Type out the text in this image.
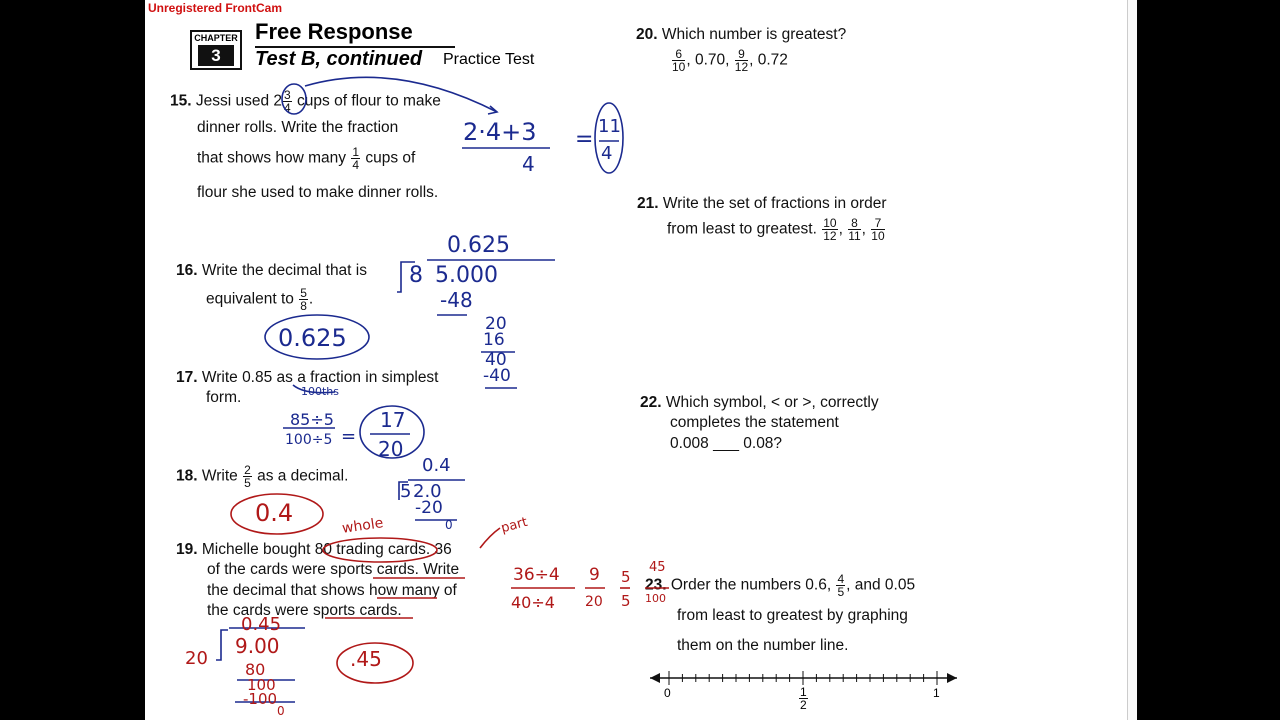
CHAPTER
3
Free Response
Test B, continued Practice Test
15. Jessi used $2 \frac{3}{4}$ cups of flour to make
dinner rolls. Write the fraction
that shows how many $\frac{1}{4}$ cups of
flour she used to make dinner rolls.
16. Write the decimal that is
equivalent to $\frac{5}{8}$ .
17. Write 0.85 as a fraction in simplest
form.
18. Write $\frac{2}{5}$ as a decimal.
19. Michelle bought 80 trading cards. 36
of the cards were sports cards. Write
the decimal that shows how many of
the cards were sports cards.
20. Which number is greatest?
$\frac{6}{10}$ , 0.70, $\frac{9}{12}$ , 0.72
21. Write the set of fractions in order
from least to greatest. $\frac{10}{12}$ , $\frac{8}{11}$ , $\frac{7}{10}$
22. Which symbol, < or >, correctly
completes the statement
0.008 ___ 0.08?
23. Order the numbers 0.6, $\frac{4}{5}$ , and 0.05
from least to greatest by graphing
them on the number line.
0	1
$\frac{1}{2}$
2·4+3
4
=
11
4
0.625
8 5.000
-48
20
16
40
-40
0.625
100ths
85÷5
100÷5 =
17
20
0.4
5 2.0
-20
0
0.4	whole	part
36÷4
40÷4
9
20
5
5
45
100
0.45
20
9.00
80
100
-100
0
.45
Unregistered FrontCam
